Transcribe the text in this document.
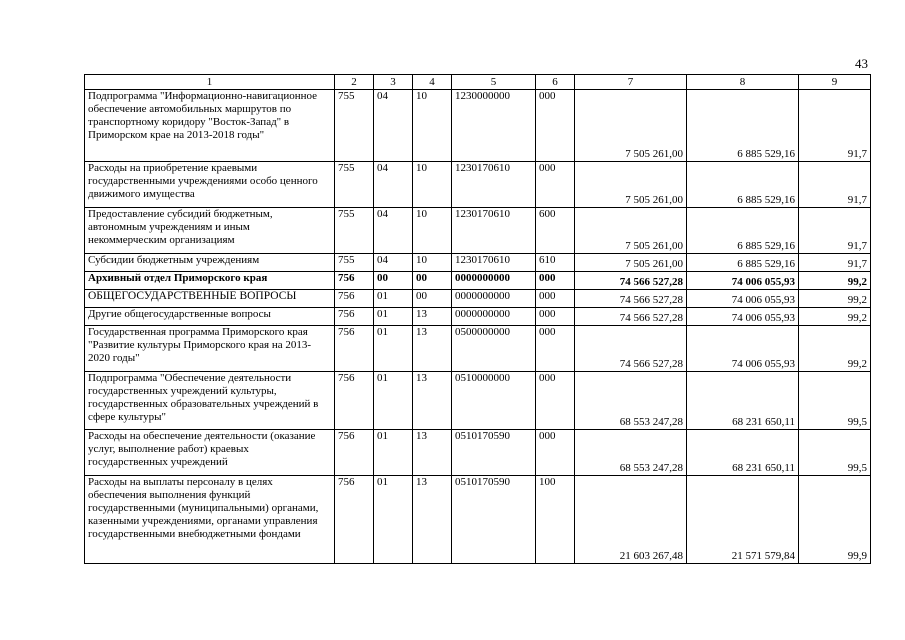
43
1	2	3	4	5	6	7	8	9
Подпрограмма "Информационно-навигационное обеспечение автомобильных маршрутов по транспортному коридору "Восток-Запад" в Приморском крае на 2013-2018 годы"	755	04	10	1230000000	000	7 505 261,00	6 885 529,16	91,7
Расходы на приобретение краевыми государственными учреждениями особо ценного движимого имущества	755	04	10	1230170610	000	7 505 261,00	6 885 529,16	91,7
Предоставление субсидий бюджетным, автономным учреждениям и иным некоммерческим организациям	755	04	10	1230170610	600	7 505 261,00	6 885 529,16	91,7
Субсидии бюджетным учреждениям	755	04	10	1230170610	610	7 505 261,00	6 885 529,16	91,7
Архивный отдел Приморского края	756	00	00	0000000000	000	74 566 527,28	74 006 055,93	99,2
ОБЩЕГОСУДАРСТВЕННЫЕ ВОПРОСЫ	756	01	00	0000000000	000	74 566 527,28	74 006 055,93	99,2
Другие общегосударственные вопросы	756	01	13	0000000000	000	74 566 527,28	74 006 055,93	99,2
Государственная программа Приморского края "Развитие культуры Приморского края на 2013-2020 годы"	756	01	13	0500000000	000	74 566 527,28	74 006 055,93	99,2
Подпрограмма "Обеспечение деятельности государственных учреждений культуры, государственных образовательных учреждений в сфере культуры"	756	01	13	0510000000	000	68 553 247,28	68 231 650,11	99,5
Расходы на обеспечение деятельности (оказание услуг, выполнение работ) краевых государственных учреждений	756	01	13	0510170590	000	68 553 247,28	68 231 650,11	99,5
Расходы на выплаты персоналу в целях обеспечения выполнения функций государственными (муниципальными) органами, казенными учреждениями, органами управления государственными внебюджетными фондами	756	01	13	0510170590	100	21 603 267,48	21 571 579,84	99,9
